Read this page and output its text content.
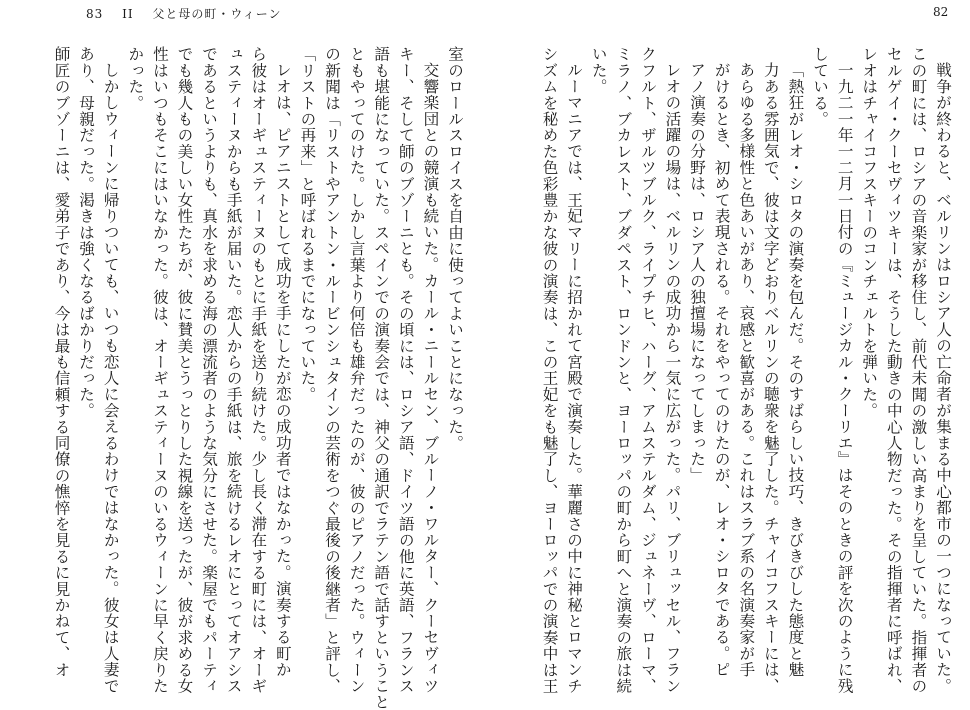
83 II 父と母の町・ウィーン
室のロールスロイスを自由に使ってよいことになった。
交響楽団との競演も続いた。カール・ニールセン、ブルーノ・ワルター、クーセヴィツ
キー、そして師のブゾーニとも。その頃には、ロシア語、ドイツ語の他に英語、フランス
語も堪能になっていた。スペインでの演奏会では、神父の通訳でラテン語で話すということ
ともやってのけた。しかし言葉より何倍も雄弁だったのが、彼のピアノだった。ウィーン
の新聞は「リストやアントン・ルービンシュタインの芸術をつぐ最後の後継者」と評し、
「リストの再来」と呼ばれるまでになっていた。
レオは、ピアニストとして成功を手にしたが恋の成功者ではなかった。演奏する町か
ら彼はオーギュスティーヌのもとに手紙を送り続けた。少し長く滞在する町には、オーギ
ュスティーヌからも手紙が届いた。恋人からの手紙は、旅を続けるレオにとってオアシス
であるというよりも、真水を求める海の漂流者のような気分にさせた。楽屋でもパーティ
でも幾人もの美しい女性たちが、彼に賛美とうっとりした視線を送ったが、彼が求める女
性はいつもそこにはいなかった。彼は、オーギュスティーヌのいるウィーンに早く戻りた
かった。
しかしウィーンに帰りついても、いつも恋人に会えるわけではなかった。彼女は人妻で
あり、母親だった。渇きは強くなるばかりだった。
師匠のブゾーニは、愛弟子であり、今は最も信頼する同僚の憔悴を見るに見かねて、オ
82
戦争が終わると、ベルリンはロシア人の亡命者が集まる中心都市の一つになっていた。
この町には、ロシアの音楽家が移住し、前代未聞の激しい高まりを呈していた。指揮者の
セルゲイ・クーセヴィツキーは、そうした動きの中心人物だった。その指揮者に呼ばれ、
レオはチャイコフスキーのコンチェルトを弾いた。
一九二一年一二月一日付の『ミュージカル・クーリエ』はそのときの評を次のように残
している。
「熱狂がレオ・シロタの演奏を包んだ。そのすばらしい技巧、きびきびした態度と魅
力ある雰囲気で、彼は文字どおりベルリンの聴衆を魅了した。チャイコフスキーには、
あらゆる多様性と色あいがあり、哀感と歓喜がある。これはスラブ系の名演奏家が手
がけるとき、初めて表現される。それをやってのけたのが、レオ・シロタである。ピ
アノ演奏の分野は、ロシア人の独擅場になってしまった」
レオの活躍の場は、ベルリンの成功から一気に広がった。パリ、ブリュッセル、フラン
クフルト、ザルツブルク、ライプチヒ、ハーグ、アムステルダム、ジュネーヴ、ローマ、
ミラノ、ブカレスト、ブダペスト、ロンドンと、ヨーロッパの町から町へと演奏の旅は続
いた。
ルーマニアでは、王妃マリーに招かれて宮殿で演奏した。華麗さの中に神秘とロマンチ
シズムを秘めた色彩豊かな彼の演奏は、この王妃をも魅了し、ヨーロッパでの演奏中は王
